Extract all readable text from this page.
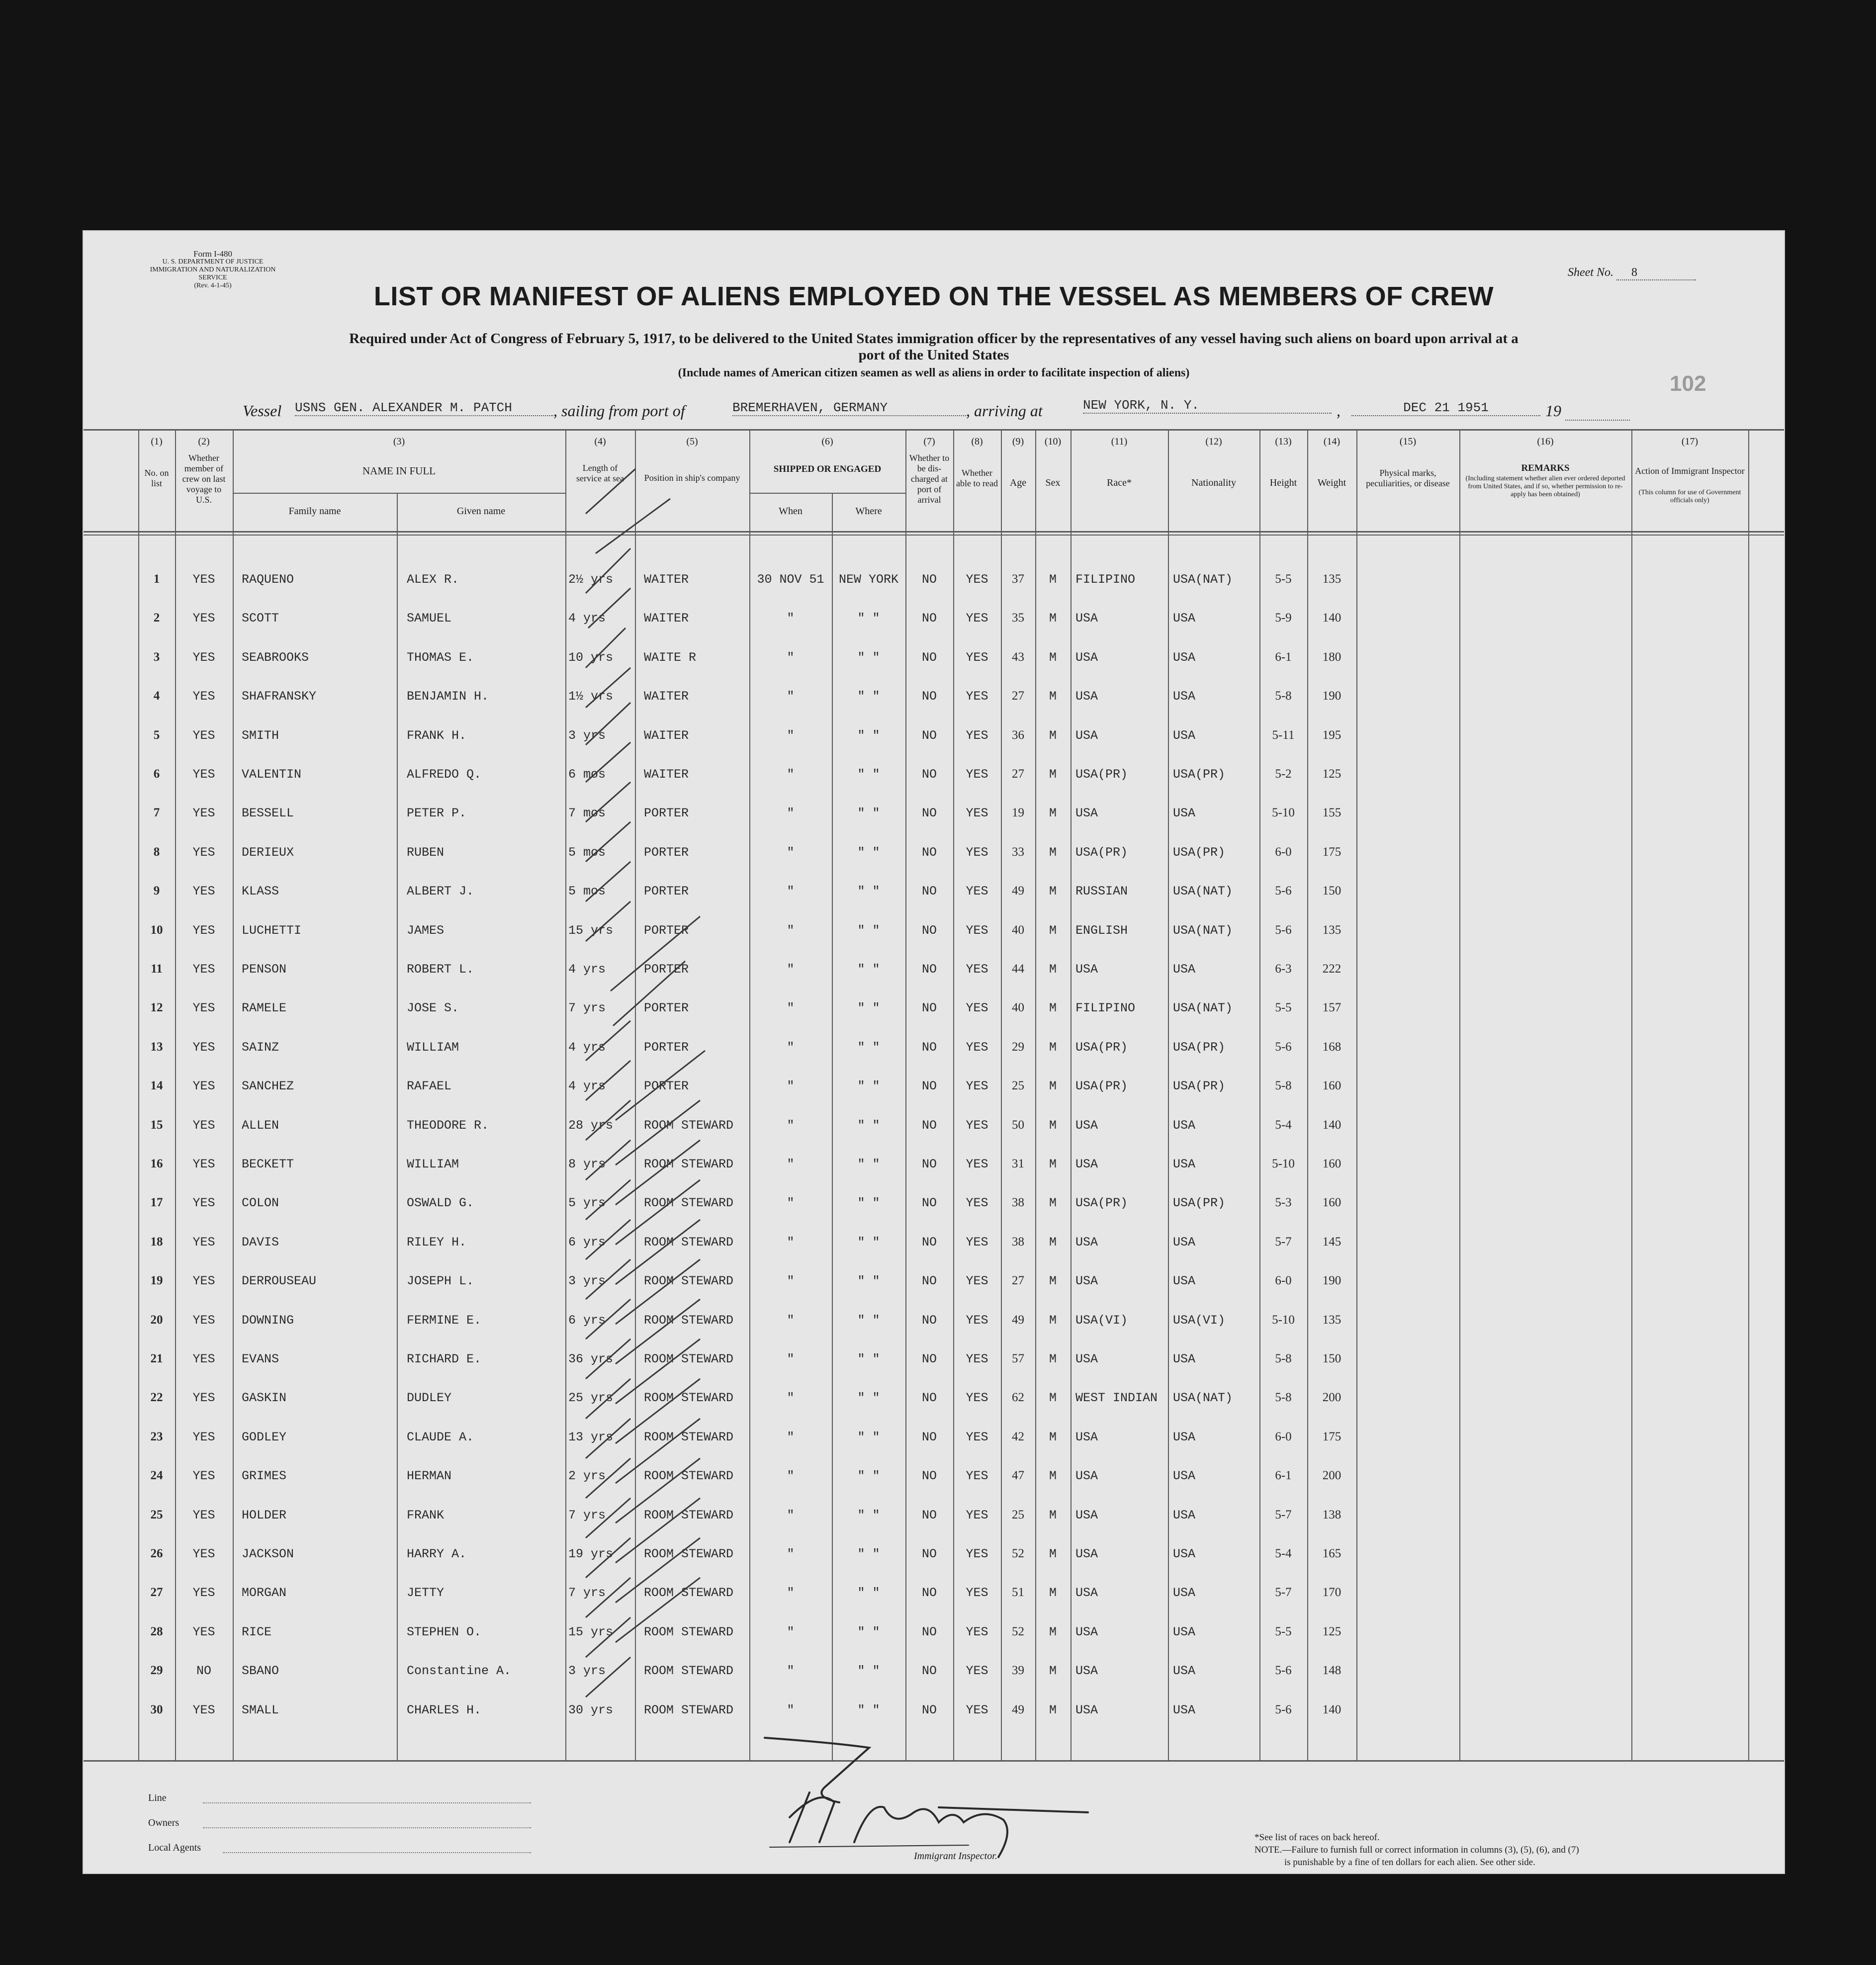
Form I-480
U. S. DEPARTMENT OF JUSTICE
IMMIGRATION AND NATURALIZATION SERVICE
(Rev. 4-1-45)
Sheet No. 8
LIST OR MANIFEST OF ALIENS EMPLOYED ON THE VESSEL AS MEMBERS OF CREW
Required under Act of Congress of February 5, 1917, to be delivered to the United States immigration officer by the representatives of any vessel having such aliens on board upon arrival at a
port of the United States
(Include names of American citizen seamen as well as aliens in order to facilitate inspection of aliens)	102
Vessel USNS GEN. ALEXANDER M. PATCH	, sailing from port of	BREMERHAVEN, GERMANY	, arriving at	NEW YORK, N. Y.	,	DEC 21 1951	19
(1)	(2)	(3)	(4)	(5)	(6)	(7)	(8)	(9)	(10)	(11)	(12)	(13)	(14)	(15)	(16)	(17)
No. on list
Whether member of crew on last voyage to U.S.
NAME IN FULL
Family name	Given name
Length of service at sea	Position in ship's company
SHIPPED OR ENGAGED
When	Where
Whether to be dis-charged at port of arrival
Whether able to read	Age	Sex	Race*	Nationality	Height	Weight
Physical marks, peculiarities, or disease
REMARKS
(Including statement whether alien ever ordered deported from United States, and if so, whether permission to re-apply has been obtained)
Action of Immigrant Inspector
(This column for use of Government officials only)
1	YES	RAQUENO	ALEX R.	2½ yrs	WAITER	30 NOV 51	NEW YORK	NO	YES	37	M	FILIPINO	USA(NAT)	5-5	135
2	YES	SCOTT	SAMUEL	4 yrs	WAITER	"	" "	NO	YES	35	M	USA	USA	5-9	140
3	YES	SEABROOKS	THOMAS E.	10 yrs	WAITE R	"	" "	NO	YES	43	M	USA	USA	6-1	180
4	YES	SHAFRANSKY	BENJAMIN H.	1½ yrs	WAITER	"	" "	NO	YES	27	M	USA	USA	5-8	190
5	YES	SMITH	FRANK H.	3 yrs	WAITER	"	" "	NO	YES	36	M	USA	USA	5-11	195
6	YES	VALENTIN	ALFREDO Q.	6 mos	WAITER	"	" "	NO	YES	27	M	USA(PR)	USA(PR)	5-2	125
7	YES	BESSELL	PETER P.	7 mos	PORTER	"	" "	NO	YES	19	M	USA	USA	5-10	155
8	YES	DERIEUX	RUBEN	5 mos	PORTER	"	" "	NO	YES	33	M	USA(PR)	USA(PR)	6-0	175
9	YES	KLASS	ALBERT J.	5 mos	PORTER	"	" "	NO	YES	49	M	RUSSIAN	USA(NAT)	5-6	150
10	YES	LUCHETTI	JAMES	15 yrs	PORTER	"	" "	NO	YES	40	M	ENGLISH	USA(NAT)	5-6	135
11	YES	PENSON	ROBERT L.	4 yrs	PORTER	"	" "	NO	YES	44	M	USA	USA	6-3	222
12	YES	RAMELE	JOSE S.	7 yrs	PORTER	"	" "	NO	YES	40	M	FILIPINO	USA(NAT)	5-5	157
13	YES	SAINZ	WILLIAM	4 yrs	PORTER	"	" "	NO	YES	29	M	USA(PR)	USA(PR)	5-6	168
14	YES	SANCHEZ	RAFAEL	4 yrs	PORTER	"	" "	NO	YES	25	M	USA(PR)	USA(PR)	5-8	160
15	YES	ALLEN	THEODORE R.	28 yrs	ROOM STEWARD	"	" "	NO	YES	50	M	USA	USA	5-4	140
16	YES	BECKETT	WILLIAM	8 yrs	ROOM STEWARD	"	" "	NO	YES	31	M	USA	USA	5-10	160
17	YES	COLON	OSWALD G.	5 yrs	ROOM STEWARD	"	" "	NO	YES	38	M	USA(PR)	USA(PR)	5-3	160
18	YES	DAVIS	RILEY H.	6 yrs	ROOM STEWARD	"	" "	NO	YES	38	M	USA	USA	5-7	145
19	YES	DERROUSEAU	JOSEPH L.	3 yrs	ROOM STEWARD	"	" "	NO	YES	27	M	USA	USA	6-0	190
20	YES	DOWNING	FERMINE E.	6 yrs	ROOM STEWARD	"	" "	NO	YES	49	M	USA(VI)	USA(VI)	5-10	135
21	YES	EVANS	RICHARD E.	36 yrs	ROOM STEWARD	"	" "	NO	YES	57	M	USA	USA	5-8	150
22	YES	GASKIN	DUDLEY	25 yrs	ROOM STEWARD	"	" "	NO	YES	62	M	WEST INDIAN	USA(NAT)	5-8	200
23	YES	GODLEY	CLAUDE A.	13 yrs	ROOM STEWARD	"	" "	NO	YES	42	M	USA	USA	6-0	175
24	YES	GRIMES	HERMAN	2 yrs	ROOM STEWARD	"	" "	NO	YES	47	M	USA	USA	6-1	200
25	YES	HOLDER	FRANK	7 yrs	ROOM STEWARD	"	" "	NO	YES	25	M	USA	USA	5-7	138
26	YES	JACKSON	HARRY A.	19 yrs	ROOM STEWARD	"	" "	NO	YES	52	M	USA	USA	5-4	165
27	YES	MORGAN	JETTY	7 yrs	ROOM STEWARD	"	" "	NO	YES	51	M	USA	USA	5-7	170
28	YES	RICE	STEPHEN O.	15 yrs	ROOM STEWARD	"	" "	NO	YES	52	M	USA	USA	5-5	125
29	NO	SBANO	Constantine A.	3 yrs	ROOM STEWARD	"	" "	NO	YES	39	M	USA	USA	5-6	148
30	YES	SMALL	CHARLES H.	30 yrs	ROOM STEWARD	"	" "	NO	YES	49	M	USA	USA	5-6	140
Line
Owners
Local Agents
Immigrant Inspector.
*See list of races on back hereof.
NOTE.—Failure to furnish full or correct information in columns (3), (5), (6), and (7)
is punishable by a fine of ten dollars for each alien. See other side.
